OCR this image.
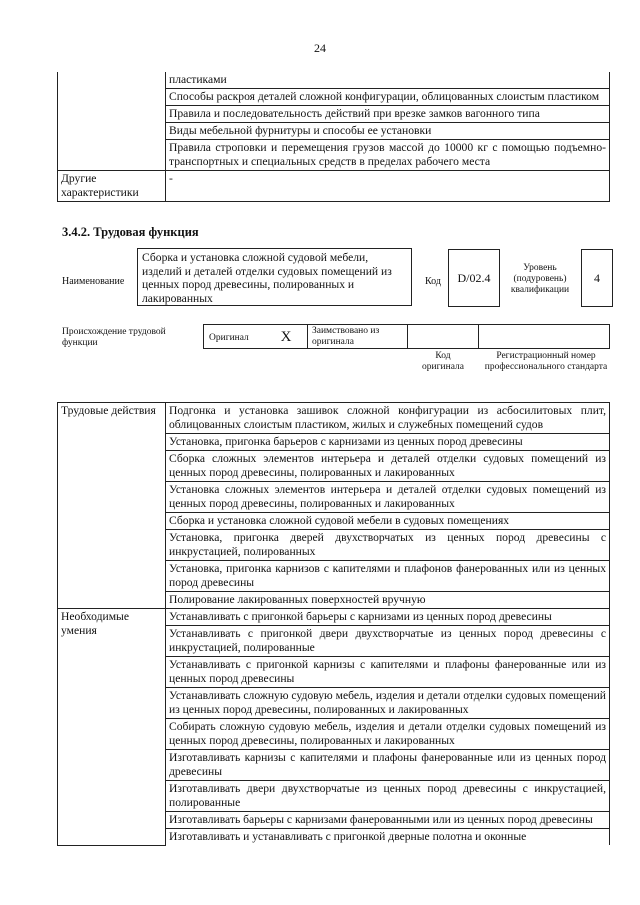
24
	пластиками
	Способы раскроя деталей сложной конфигурации, облицованных слоистым пластиком
	Правила и последовательность действий при врезке замков вагонного типа
	Виды мебельной фурнитуры и способы ее установки
	Правила строповки и перемещения грузов массой до 10000 кг с помощью подъемно-транспортных и специальных средств в пределах рабочего места
Другие характеристики	-
3.4.2. Трудовая функция
Наименование
Сборка и установка сложной судовой мебели, изделий и деталей отделки судовых помещений из ценных пород древесины, полированных и лакированных
Код D/02.4
Уровень (подуровень) квалификации
4
Происхождение трудовой функции	Оригинал	X	Заимствовано из оригинала
Код оригинала
Регистрационный номер профессионального стандарта
Трудовые действия	Подгонка и установка зашивок сложной конфигурации из асбосилитовых плит, облицованных слоистым пластиком, жилых и служебных помещений судов
	Установка, пригонка барьеров с карнизами из ценных пород древесины
	Сборка сложных элементов интерьера и деталей отделки судовых помещений из ценных пород древесины, полированных и лакированных
	Установка сложных элементов интерьера и деталей отделки судовых помещений из ценных пород древесины, полированных и лакированных
	Сборка и установка сложной судовой мебели в судовых помещениях
	Установка, пригонка дверей двухстворчатых из ценных пород древесины с инкрустацией, полированных
	Установка, пригонка карнизов с капителями и плафонов фанерованных или из ценных пород древесины
	Полирование лакированных поверхностей вручную
Необходимые умения	Устанавливать с пригонкой барьеры с карнизами из ценных пород древесины
	Устанавливать с пригонкой двери двухстворчатые из ценных пород древесины с инкрустацией, полированные
	Устанавливать с пригонкой карнизы с капителями и плафоны фанерованные или из ценных пород древесины
	Устанавливать сложную судовую мебель, изделия и детали отделки судовых помещений из ценных пород древесины, полированных и лакированных
	Собирать сложную судовую мебель, изделия и детали отделки судовых помещений из ценных пород древесины, полированных и лакированных
	Изготавливать карнизы с капителями и плафоны фанерованные или из ценных пород древесины
	Изготавливать двери двухстворчатые из ценных пород древесины с инкрустацией, полированные
	Изготавливать барьеры с карнизами фанерованными или из ценных пород древесины
	Изготавливать и устанавливать с пригонкой дверные полотна и оконные
